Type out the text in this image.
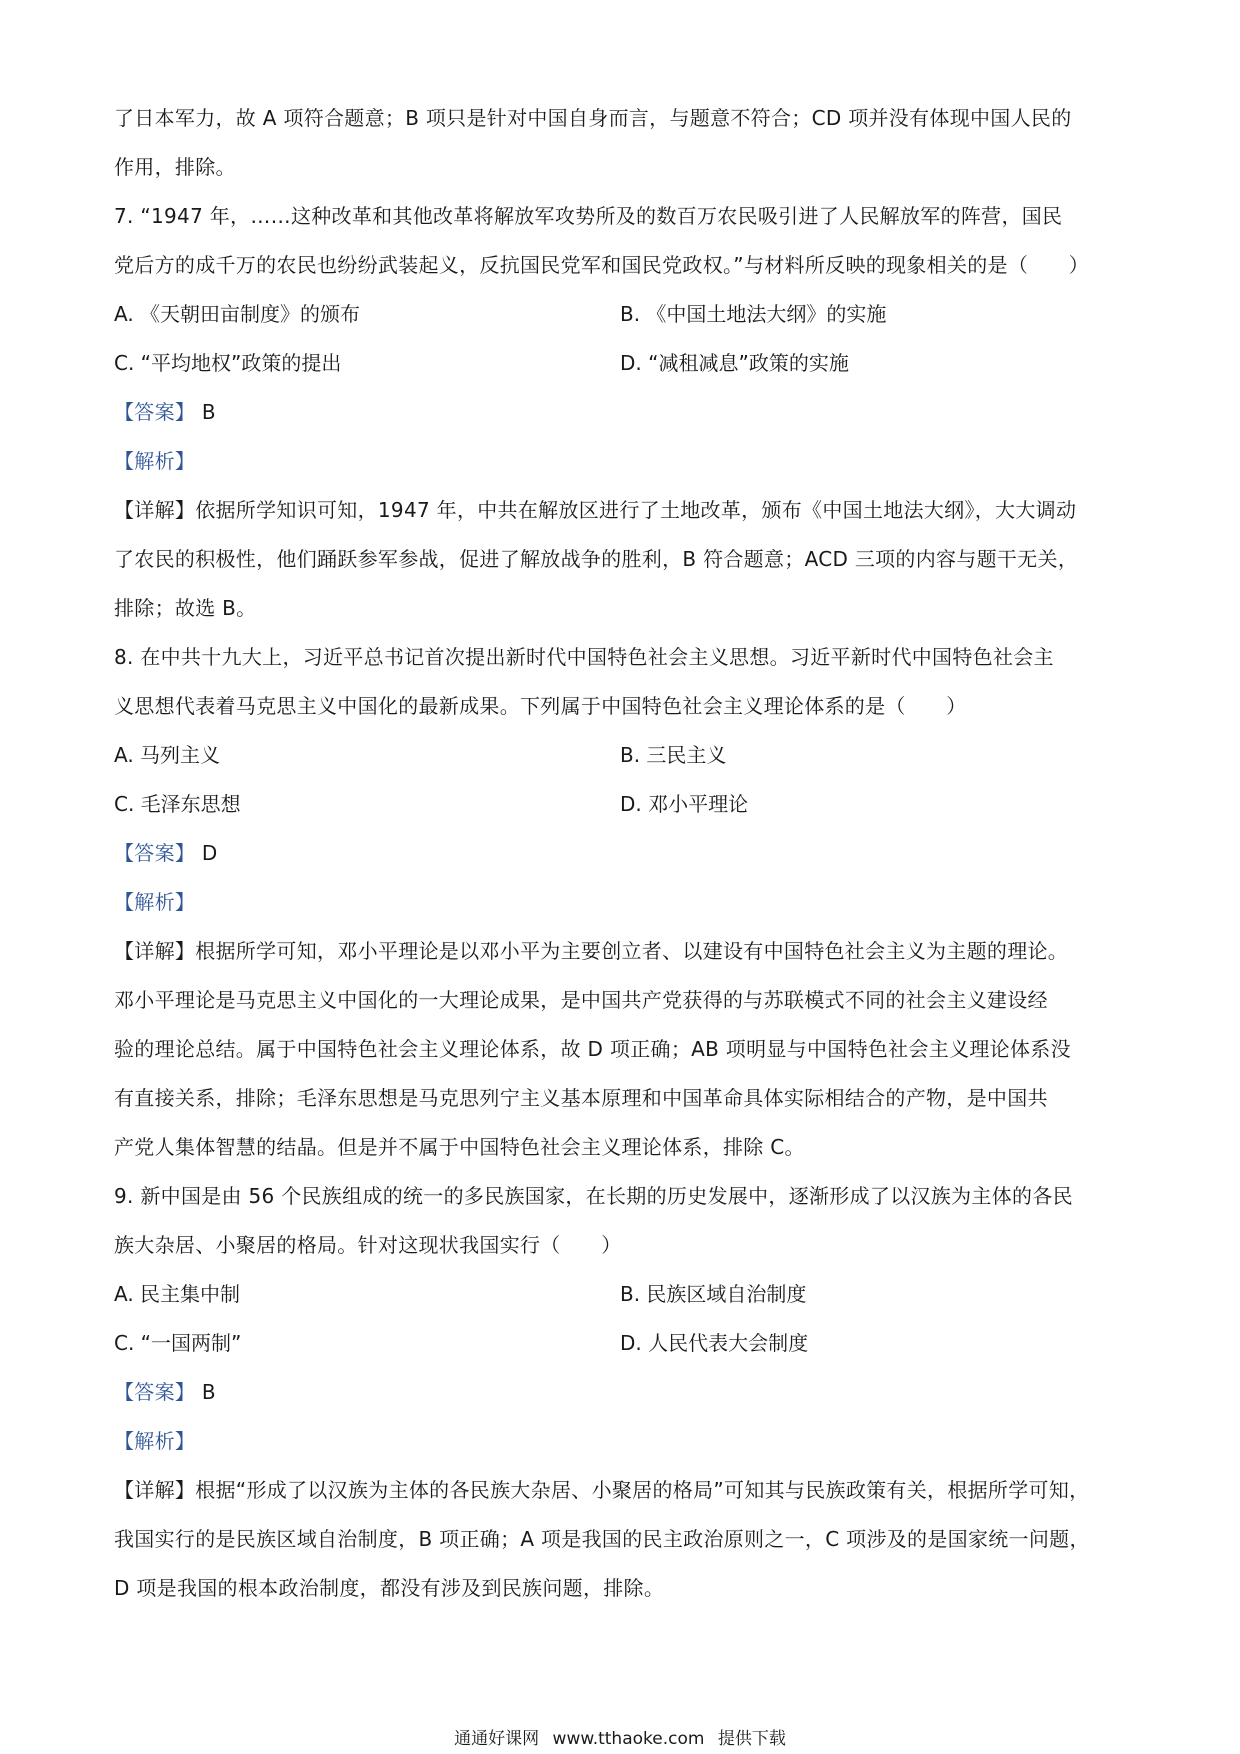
了日本军力，故 A 项符合题意；B 项只是针对中国自身而言，与题意不符合；CD 项并没有体现中国人民的
作用，排除。
7. “1947 年，……这种改革和其他改革将解放军攻势所及的数百万农民吸引进了人民解放军的阵营，国民
党后方的成千万的农民也纷纷武装起义，反抗国民党军和国民党政权。”与材料所反映的现象相关的是（　　）
A. 《天朝田亩制度》的颁布	B. 《中国土地法大纲》的实施
C. “平均地权”政策的提出	D. “减租减息”政策的实施
【答案】 B
【解析】
【详解】依据所学知识可知，1947 年，中共在解放区进行了土地改革，颁布《中国土地法大纲》，大大调动
了农民的积极性，他们踊跃参军参战，促进了解放战争的胜利，B 符合题意；ACD 三项的内容与题干无关，
排除；故选 B。
8. 在中共十九大上，习近平总书记首次提出新时代中国特色社会主义思想。习近平新时代中国特色社会主
义思想代表着马克思主义中国化的最新成果。下列属于中国特色社会主义理论体系的是（　　）
A. 马列主义	B. 三民主义
C. 毛泽东思想	D. 邓小平理论
【答案】 D
【解析】
【详解】根据所学可知，邓小平理论是以邓小平为主要创立者、以建设有中国特色社会主义为主题的理论。
邓小平理论是马克思主义中国化的一大理论成果，是中国共产党获得的与苏联模式不同的社会主义建设经
验的理论总结。属于中国特色社会主义理论体系，故 D 项正确；AB 项明显与中国特色社会主义理论体系没
有直接关系，排除；毛泽东思想是马克思列宁主义基本原理和中国革命具体实际相结合的产物，是中国共
产党人集体智慧的结晶。但是并不属于中国特色社会主义理论体系，排除 C。
9. 新中国是由 56 个民族组成的统一的多民族国家，在长期的历史发展中，逐渐形成了以汉族为主体的各民
族大杂居、小聚居的格局。针对这现状我国实行（　　）
A. 民主集中制	B. 民族区域自治制度
C. “一国两制”	D. 人民代表大会制度
【答案】 B
【解析】
【详解】根据“形成了以汉族为主体的各民族大杂居、小聚居的格局”可知其与民族政策有关，根据所学可知，
我国实行的是民族区域自治制度，B 项正确；A 项是我国的民主政治原则之一，C 项涉及的是国家统一问题，
D 项是我国的根本政治制度，都没有涉及到民族问题，排除。
通通好课网 www.tthaoke.com 提供下载
